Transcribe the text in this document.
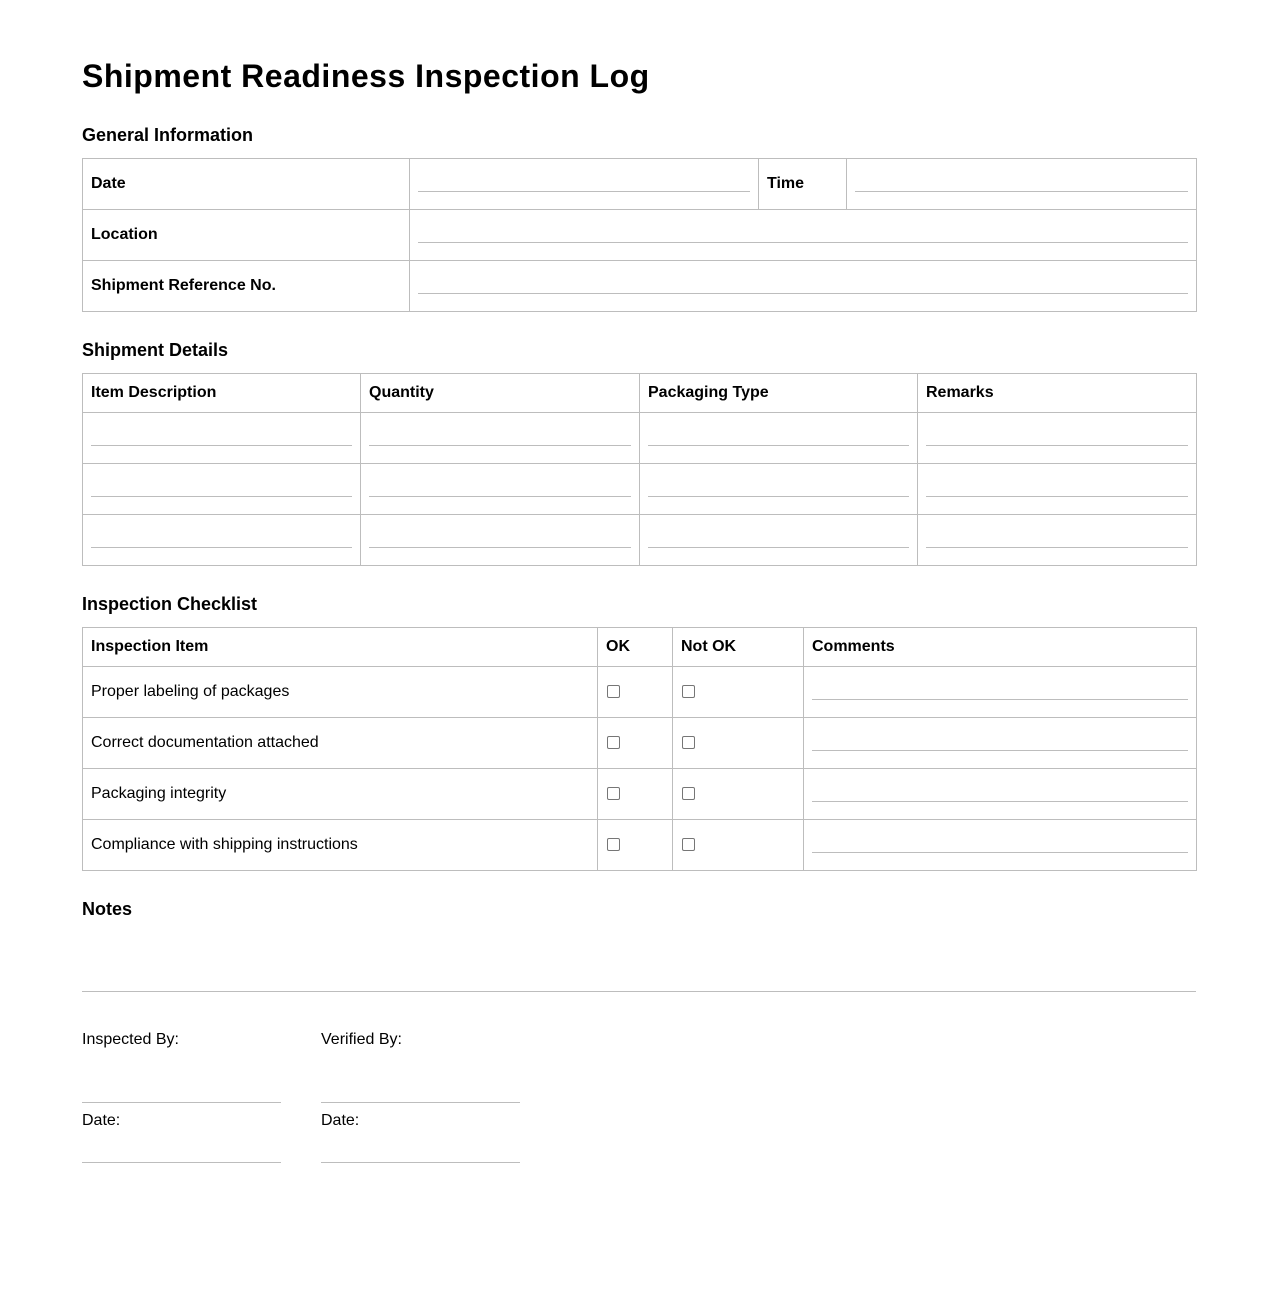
Shipment Readiness Inspection Log
General Information
Date		Time	

Location			

Shipment Reference No.			
Shipment Details
Item Description	Quantity	Packaging Type	Remarks

Inspection Checklist
Inspection Item	OK	Not OK	Comments
Proper labeling of packages			

Correct documentation attached			

Packaging integrity			

Compliance with shipping instructions			
Notes
Inspected By:	Verified By:
Date:	Date:
